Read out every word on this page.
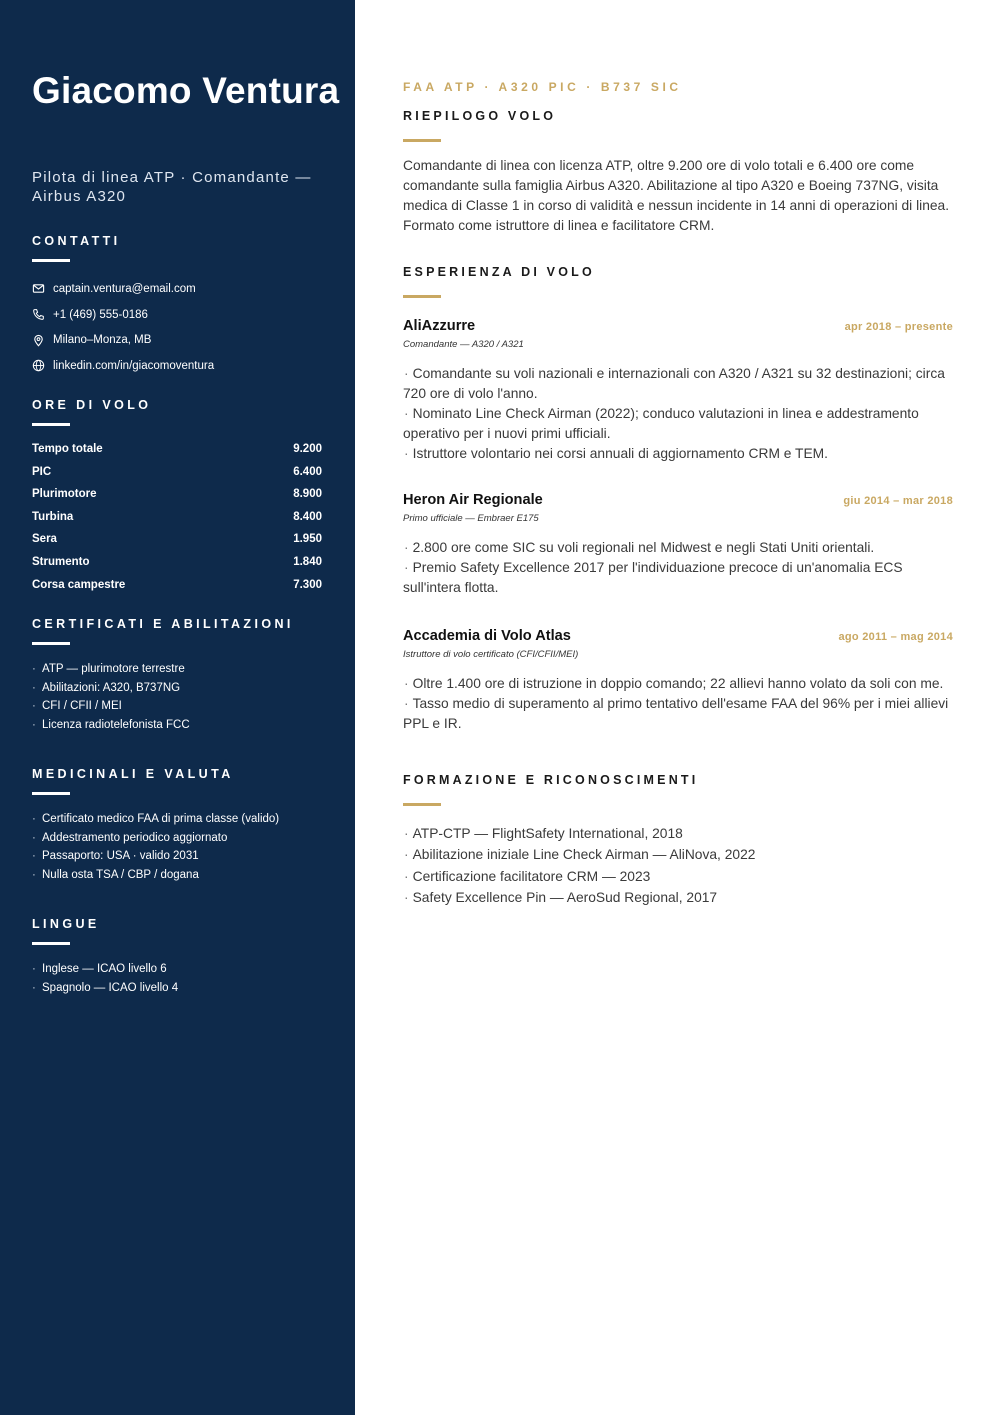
Giacomo Ventura
Pilota di linea ATP · Comandante — Airbus A320
CONTATTI
captain.ventura@email.com
+1 (469) 555-0186
Milano–Monza, MB
linkedin.com/in/giacomoventura
ORE DI VOLO
Tempo totale	9.200
PIC	6.400
Plurimotore	8.900
Turbina	8.400
Sera	1.950
Strumento	1.840
Corsa campestre	7.300
CERTIFICATI E ABILITAZIONI
· ATP — plurimotore terrestre
· Abilitazioni: A320, B737NG
· CFI / CFII / MEI
· Licenza radiotelefonista FCC
MEDICINALI E VALUTA
· Certificato medico FAA di prima classe (valido)
· Addestramento periodico aggiornato
· Passaporto: USA · valido 2031
· Nulla osta TSA / CBP / dogana
LINGUE
· Inglese — ICAO livello 6
· Spagnolo — ICAO livello 4
FAA ATP · A320 PIC · B737 SIC
RIEPILOGO VOLO

Comandante di linea con licenza ATP, oltre 9.200 ore di volo totali e 6.400 ore come comandante sulla famiglia Airbus A320. Abilitazione al tipo A320 e Boeing 737NG, visita medica di Classe 1 in corso di validità e nessun incidente in 14 anni di operazioni di linea. Formato come istruttore di linea e facilitatore CRM.

ESPERIENZA DI VOLO
AliAzzurre	apr 2018 – presente
Comandante — A320 / A321
· Comandante su voli nazionali e internazionali con A320 / A321 su 32 destinazioni; circa 720 ore di volo l'anno.
· Nominato Line Check Airman (2022); conduco valutazioni in linea e addestramento operativo per i nuovi primi ufficiali.
· Istruttore volontario nei corsi annuali di aggiornamento CRM e TEM.
Heron Air Regionale	giu 2014 – mar 2018
Primo ufficiale — Embraer E175
· 2.800 ore come SIC su voli regionali nel Midwest e negli Stati Uniti orientali.
· Premio Safety Excellence 2017 per l'individuazione precoce di un'anomalia ECS sull'intera flotta.
Accademia di Volo Atlas	ago 2011 – mag 2014
Istruttore di volo certificato (CFI/CFII/MEI)
· Oltre 1.400 ore di istruzione in doppio comando; 22 allievi hanno volato da soli con me.
· Tasso medio di superamento al primo tentativo dell'esame FAA del 96% per i miei allievi PPL e IR.
FORMAZIONE E RICONOSCIMENTI
· ATP-CTP — FlightSafety International, 2018
· Abilitazione iniziale Line Check Airman — AliNova, 2022
· Certificazione facilitatore CRM — 2023
· Safety Excellence Pin — AeroSud Regional, 2017
